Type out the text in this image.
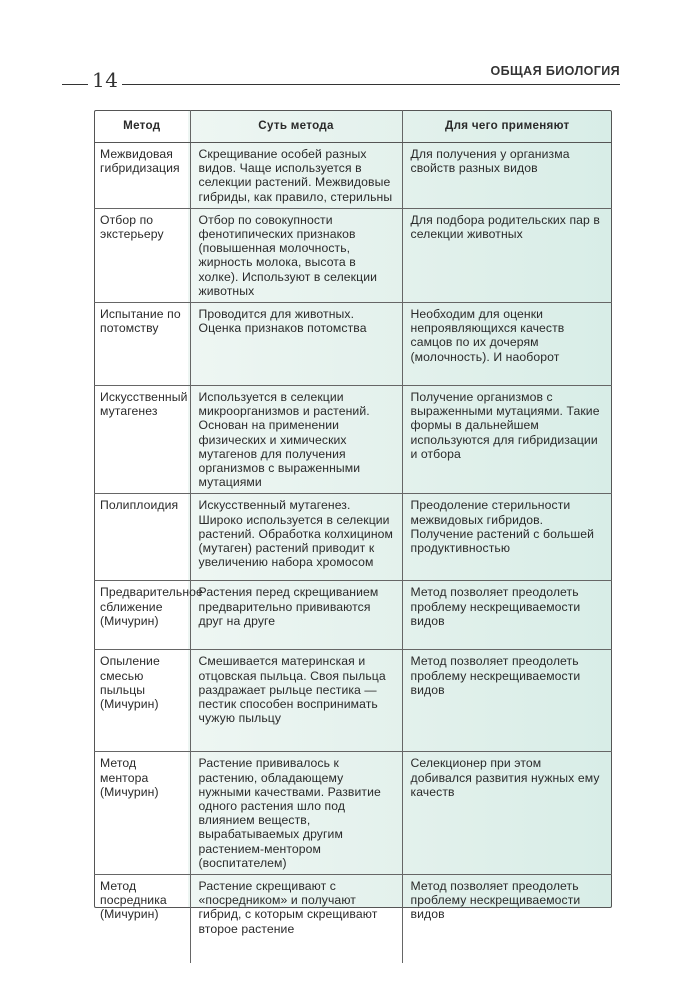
14	ОБЩАЯ БИОЛОГИЯ
Метод	Суть метода	Для чего применяют
Межвидовая гибридизация	Скрещивание особей разных видов. Чаще используется в селекции растений. Межвидовые гибриды, как правило, стерильны	Для получения у организма свойств разных видов
Отбор по экстерьеру	Отбор по совокупности фенотипических признаков (повышенная молочность, жирность молока, высота в холке). Используют в селекции животных	Для подбора родительских пар в селекции животных
Испытание по потомству	Проводится для животных. Оценка признаков потомства	Необходим для оценки непроявляющихся качеств самцов по их дочерям (молочность). И наоборот
Искусственный мутагенез	Используется в селекции микроорганизмов и растений. Основан на применении физических и химических мутагенов для получения организмов с выраженными мутациями	Получение организмов с выраженными мутациями. Такие формы в дальнейшем используются для гибридизации и отбора
Полиплоидия	Искусственный мутагенез. Широко используется в селекции растений. Обработка колхицином (мутаген) растений приводит к увеличению набора хромосом	Преодоление стерильности межвидовых гибридов. Получение растений с большей продуктивностью
Предварительное сближение (Мичурин)	Растения перед скрещиванием предварительно прививаются друг на друге	Метод позволяет преодолеть проблему нескрещиваемости видов
Опыление смесью пыльцы (Мичурин)	Смешивается материнская и отцовская пыльца. Своя пыльца раздражает рыльце пестика — пестик способен воспринимать чужую пыльцу	Метод позволяет преодолеть проблему нескрещиваемости видов
Метод ментора (Мичурин)	Растение прививалось к растению, обладающему нужными качествами. Развитие одного растения шло под влиянием веществ, вырабатываемых другим растением-ментором (воспитателем)	Селекционер при этом добивался развития нужных ему качеств
Метод посредника (Мичурин)	Растение скрещивают с «посредником» и получают гибрид, с которым скрещивают второе растение	Метод позволяет преодолеть проблему нескрещиваемости видов
